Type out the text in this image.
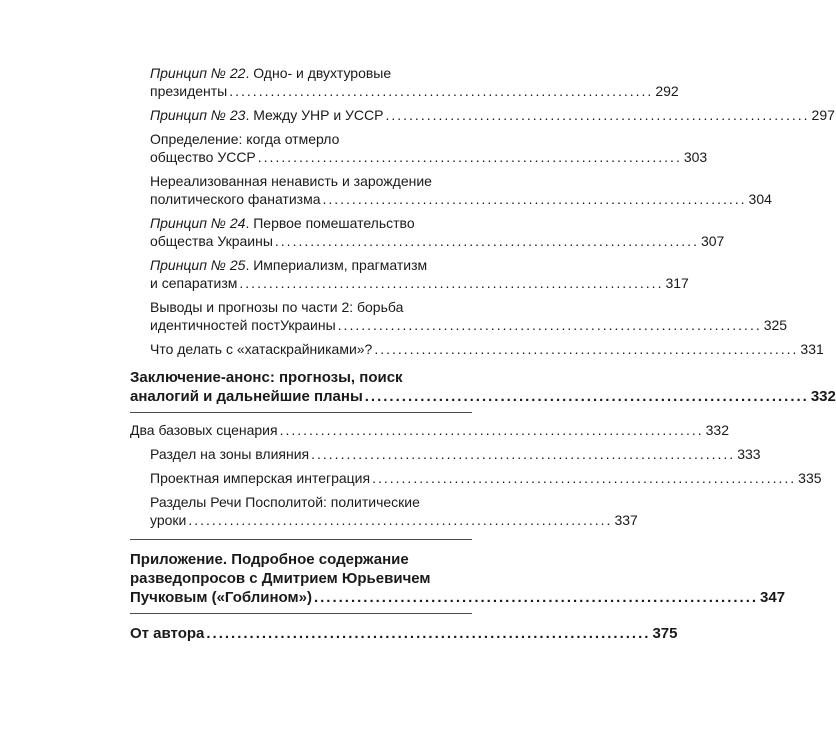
Принцип № 22. Одно- и двухтуровые
президенты ........................................................................ 292
Принцип № 23. Между УНР и УССР ........................................................................ 297
Определение: когда отмерло
общество УССР ........................................................................ 303
Нереализованная ненависть и зарождение
политического фанатизма ........................................................................ 304
Принцип № 24. Первое помешательство
общества Украины ........................................................................ 307
Принцип № 25. Империализм, прагматизм
и сепаратизм ........................................................................ 317
Выводы и прогнозы по части 2: борьба
идентичностей постУкраины ........................................................................ 325
Что делать с «хатаскрайниками»? ........................................................................ 331
Заключение-анонс: прогнозы, поиск
аналогий и дальнейшие планы ........................................................................ 332
Два базовых сценария ........................................................................ 332
Раздел на зоны влияния ........................................................................ 333
Проектная имперская интеграция ........................................................................ 335
Разделы Речи Посполитой: политические
уроки ........................................................................ 337
Приложение. Подробное содержание
разведопросов с Дмитрием Юрьевичем
Пучковым («Гоблином») ........................................................................ 347
От автора ........................................................................ 375
